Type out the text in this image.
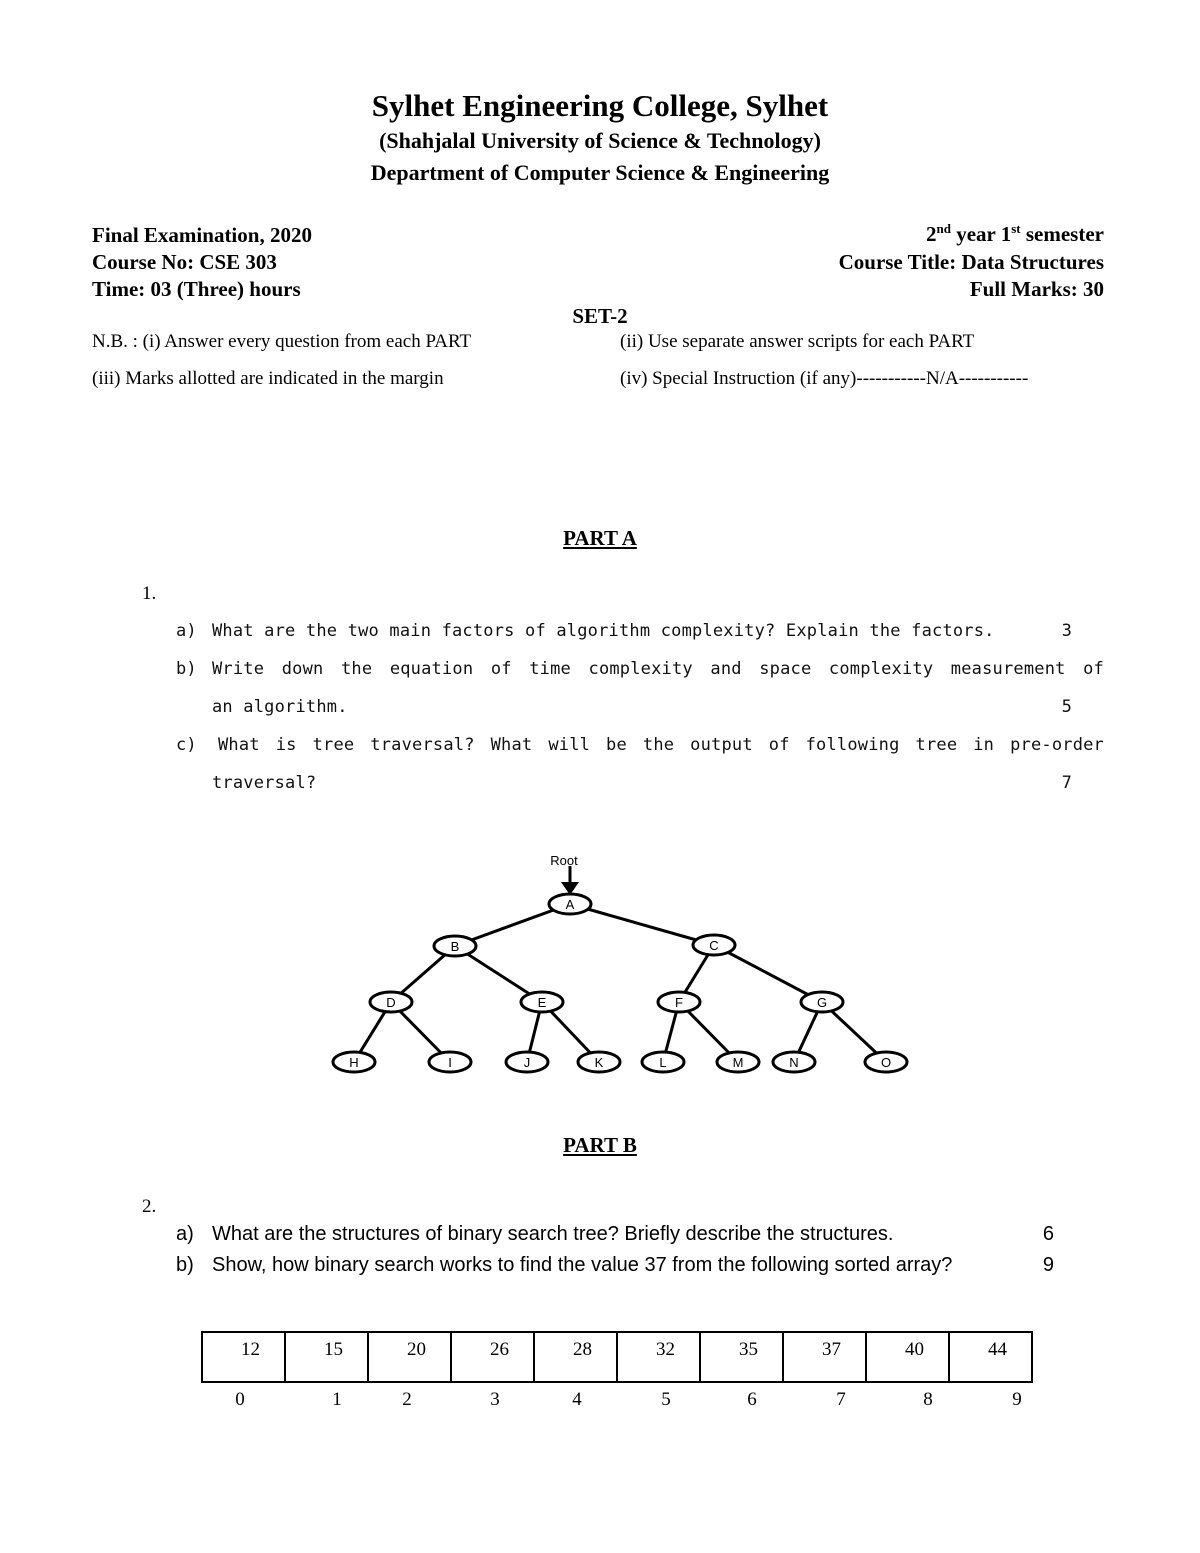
Sylhet Engineering College, Sylhet
(Shahjalal University of Science & Technology)
Department of Computer Science & Engineering
Final Examination, 2020	2nd year 1st semester
Course No: CSE 303	Course Title: Data Structures
Time: 03 (Three) hours	Full Marks: 30
SET-2
N.B. : (i) Answer every question from each PART	(ii) Use separate answer scripts for each PART
(iii) Marks allotted are indicated in the margin	(iv) Special Instruction (if any)-----------N/A-----------
PART A
1.
a) What are the two main factors of algorithm complexity? Explain the factors.	3
b) Write down the equation of time complexity and space complexity measurement of
an algorithm.	5
c) What is tree traversal? What will be the output of following tree in pre-order
traversal?	7
Root
A
B	C
D	E	F	G
H	I	J	K	L	M	N	O
PART B
2.
a) What are the structures of binary search tree? Briefly describe the structures.	6
b) Show, how binary search works to find the value 37 from the following sorted array?	9
12	15	20	26	28	32	35	37	40	44
0	1	2	3	4	5	6	7	8	9
